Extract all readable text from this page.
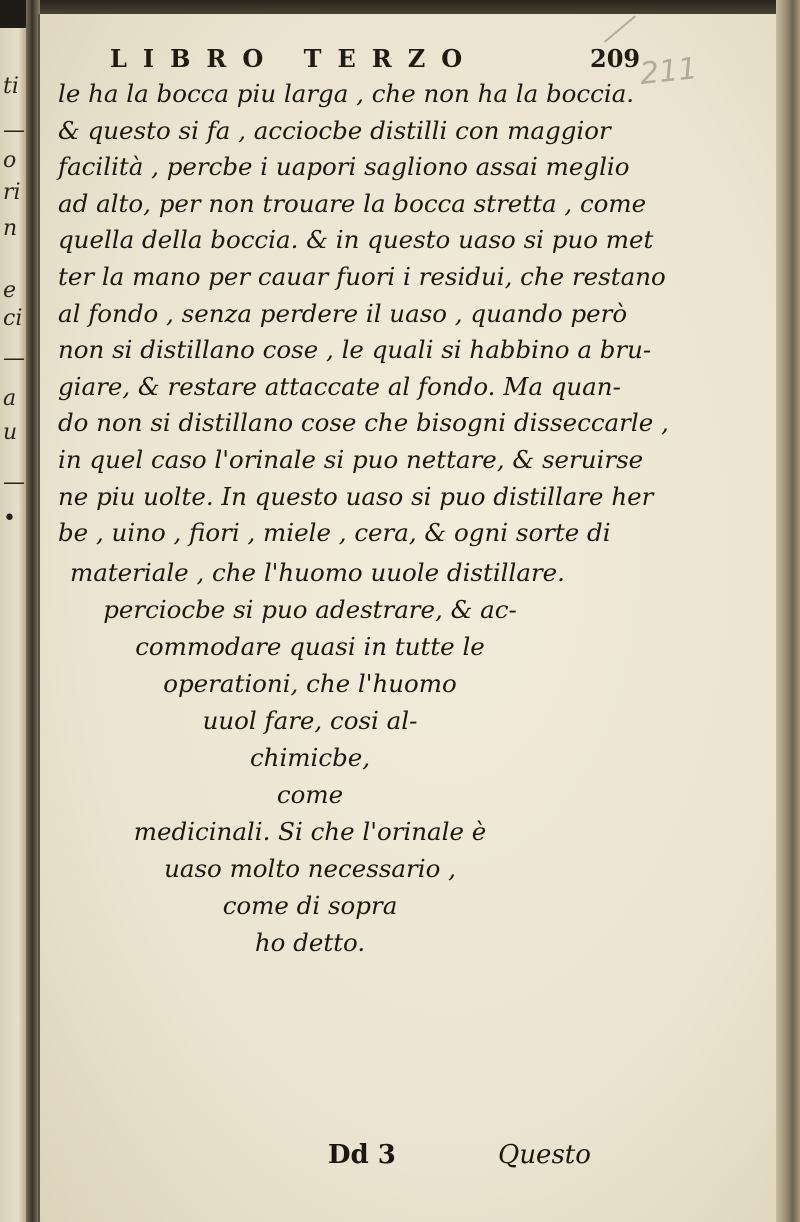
ti
—
o
ri
n
e
ci
—
a
u
—
•
LIBRO TERZO	209
211
le ha la bocca piu larga , che non ha la boccia.
& questo si fa , acciocbe distilli con maggior
facilità , percbe i uapori sagliono assai meglio
ad alto, per non trouare la bocca stretta , come
quella della boccia. & in questo uaso si puo met
ter la mano per cauar fuori i residui, che restano
al fondo , senza perdere il uaso , quando però
non si distillano cose , le quali si habbino a bru-
giare, & restare attaccate al fondo. Ma quan-
do non si distillano cose che bisogni disseccarle ,
in quel caso l'orinale si puo nettare, & seruirse
ne piu uolte. In questo uaso si puo distillare her
be , uino , fiori , miele , cera, & ogni sorte di
materiale , che l'huomo uuole distillare.
perciocbe si puo adestrare, & ac-
commodare quasi in tutte le
operationi, che l'huomo
uuol fare, cosi al-
chimicbe,
come
medicinali. Si che l'orinale è
uaso molto necessario ,
come di sopra
ho detto.
Dd 3	Questo
